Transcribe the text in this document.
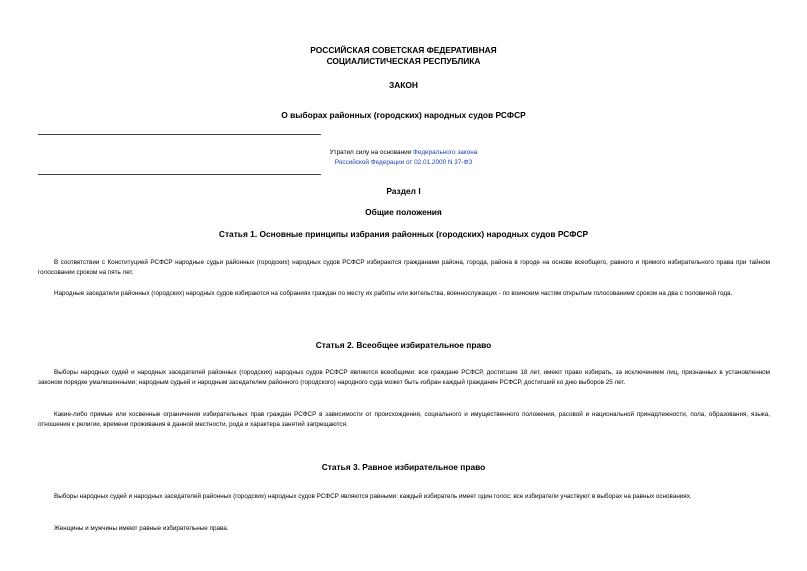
РОССИЙСКАЯ СОВЕТСКАЯ ФЕДЕРАТИВНАЯ
СОЦИАЛИСТИЧЕСКАЯ РЕСПУБЛИКА
ЗАКОН
О выборах районных (городских) народных судов РСФСР
Утратил силу на основании Федерального закона
Российской Федерации от 02.01.2000 N 37-ФЗ
Раздел I
Общие положения
Статья 1. Основные принципы избрания районных (городских) народных судов РСФСР
В соответствии с Конституцией РСФСР народные судьи районных (городских) народных судов РСФСР избираются гражданами района, города, района в городе на основе всеобщего, равного и прямого избирательного права при тайном голосовании сроком на пять лет.
Народные заседатели районных (городских) народных судов избираются на собраниях граждан по месту их работы или жительства, военнослужащих - по воинским частям открытым голосованием сроком на два с половиной года.
Статья 2. Всеобщее избирательное право
Выборы народных судей и народных заседателей районных (городских) народных судов РСФСР являются всеобщими: все граждане РСФСР, достигшие 18 лет, имеют право избирать, за исключением лиц, признанных в установленном законом порядке умалишенными; народным судьей и народным заседателем районного (городского) народного суда может быть избран каждый гражданин РСФСР, достигший ко дню выборов 25 лет.
Какие-либо прямые или косвенные ограничения избирательных прав граждан РСФСР в зависимости от происхождения, социального и имущественного положения, расовой и национальной принадлежности, пола, образования, языка, отношения к религии, времени проживания в данной местности, рода и характера занятий запрещаются.
Статья 3. Равное избирательное право
Выборы народных судей и народных заседателей районных (городских) народных судов РСФСР являются равными: каждый избиратель имеет один голос; все избиратели участвуют в выборах на равных основаниях.
Женщины и мужчины имеют равные избирательные права.
